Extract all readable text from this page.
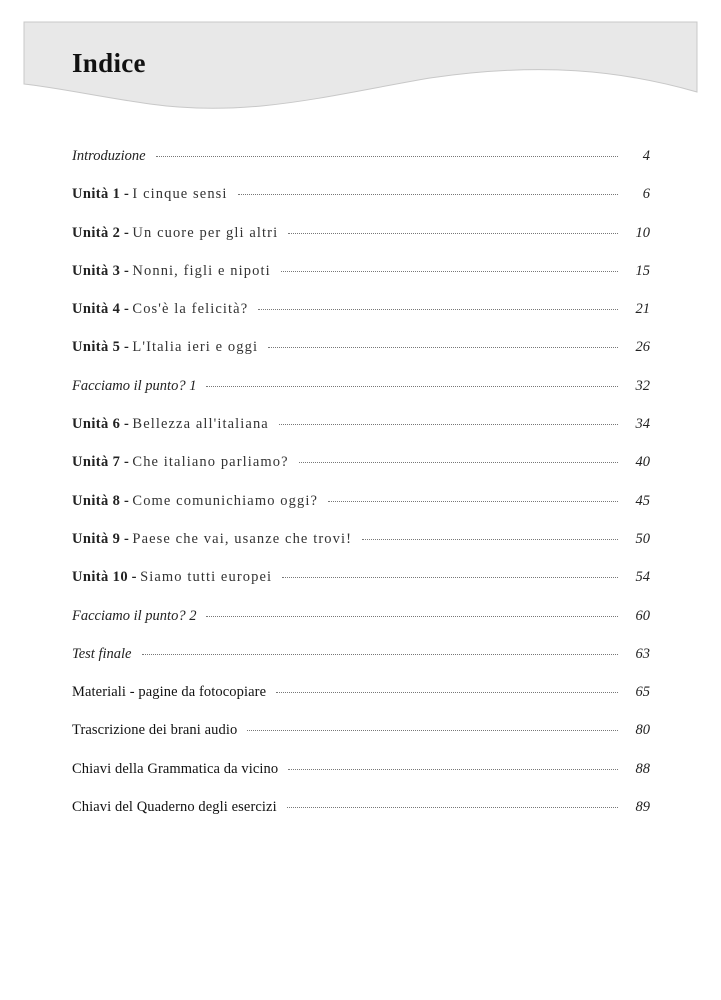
Indice
Introduzione	4
Unità 1 - I cinque sensi	6
Unità 2 - Un cuore per gli altri	10
Unità 3 - Nonni, figli e nipoti	15
Unità 4 - Cos'è la felicità?	21
Unità 5 - L'Italia ieri e oggi	26
Facciamo il punto? 1	32
Unità 6 - Bellezza all'italiana	34
Unità 7 - Che italiano parliamo?	40
Unità 8 - Come comunichiamo oggi?	45
Unità 9 - Paese che vai, usanze che trovi!	50
Unità 10 - Siamo tutti europei	54
Facciamo il punto? 2	60
Test finale	63
Materiali - pagine da fotocopiare	65
Trascrizione dei brani audio	80
Chiavi della Grammatica da vicino	88
Chiavi del Quaderno degli esercizi	89
